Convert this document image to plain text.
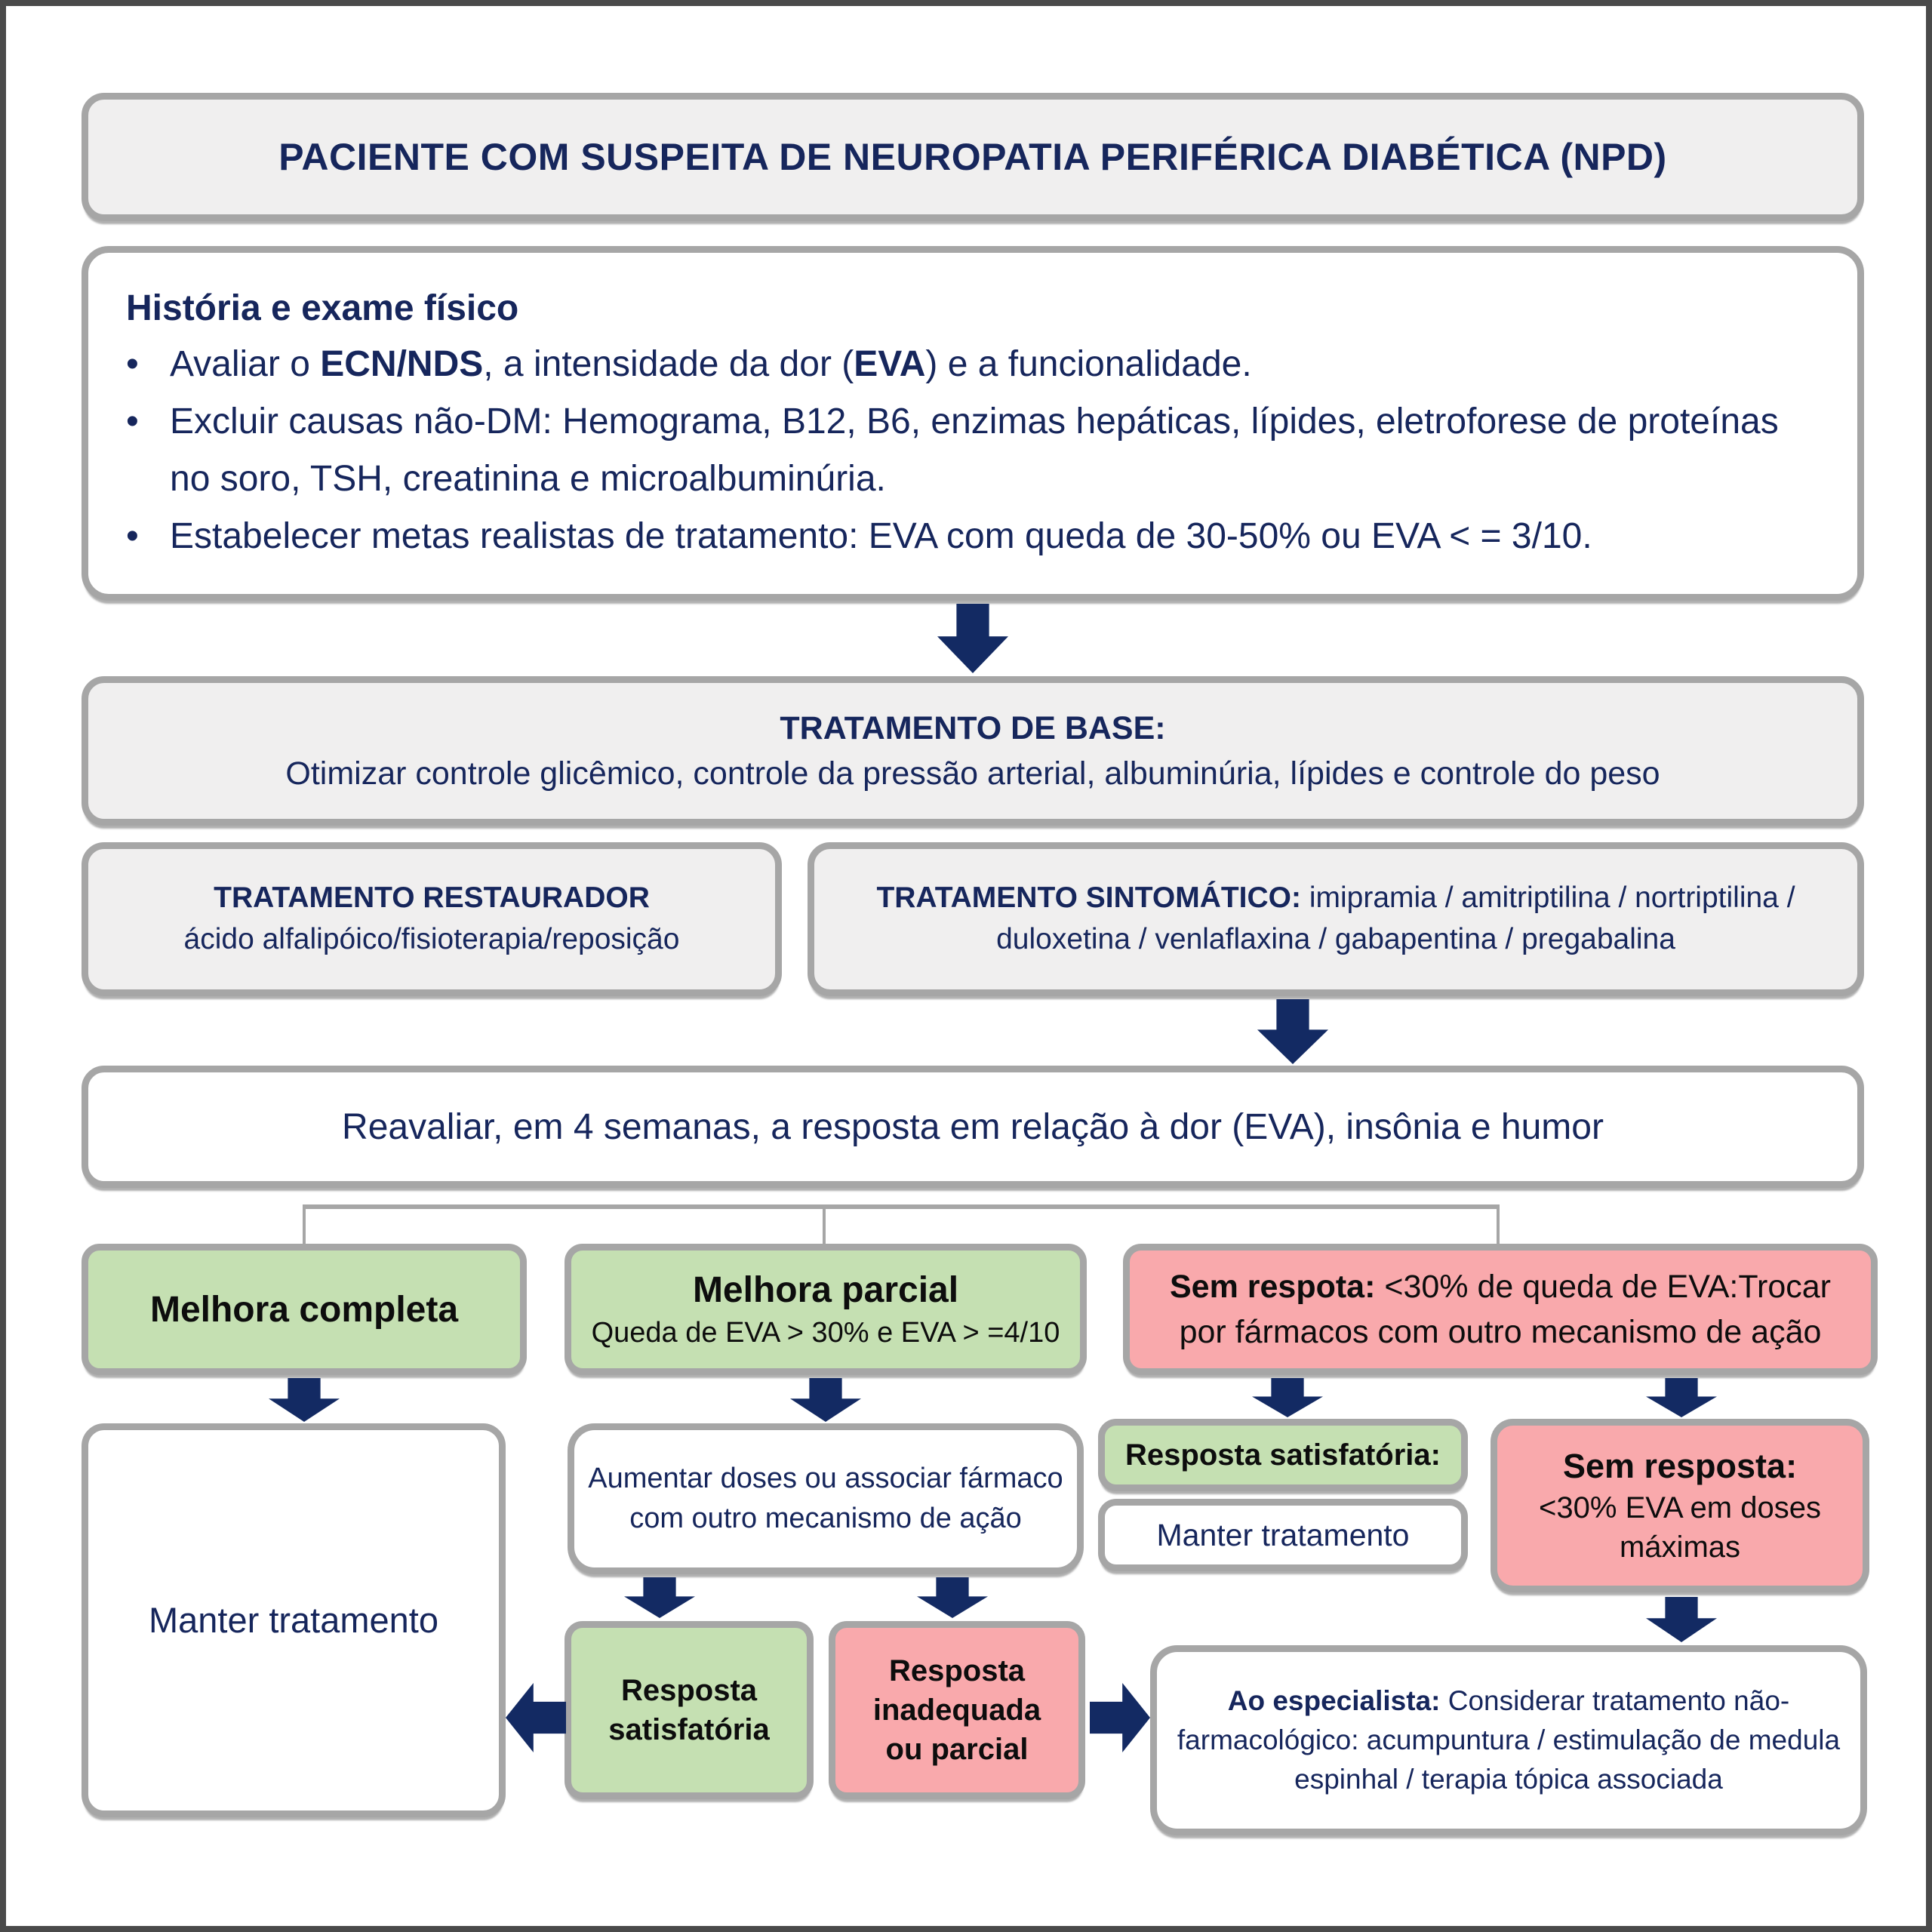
PACIENTE COM SUSPEITA DE NEUROPATIA PERIFÉRICA DIABÉTICA (NPD)
História e exame físico
• Avaliar o ECN/NDS, a intensidade da dor (EVA) e a funcionalidade.
• Excluir causas não-DM: Hemograma, B12, B6, enzimas hepáticas, lípides, eletroforese de proteínas no soro, TSH, creatinina e microalbuminúria.
• Estabelecer metas realistas de tratamento: EVA com queda de 30-50% ou EVA < = 3/10.
TRATAMENTO DE BASE:
Otimizar controle glicêmico, controle da pressão arterial, albuminúria, lípides e controle do peso
TRATAMENTO RESTAURADOR
ácido alfalipóico/fisioterapia/reposição
TRATAMENTO SINTOMÁTICO: imipramia / amitriptilina / nortriptilina / duloxetina / venlaflaxina / gabapentina / pregabalina
Reavaliar, em 4 semanas, a resposta em relação à dor (EVA), insônia e humor
Melhora completa	Melhora parcial
Queda de EVA > 30% e EVA > =4/10
Sem respota: <30% de queda de EVA:Trocar por fármacos com outro mecanismo de ação
Manter tratamento
Aumentar doses ou associar fármaco com outro mecanismo de ação
Resposta satisfatória:
Manter tratamento
Sem resposta:
<30% EVA em doses máximas
Resposta satisfatória
Resposta inadequada ou parcial
Ao especialista: Considerar tratamento não-farmacológico: acumpuntura / estimulação de medula espinhal / terapia tópica associada
